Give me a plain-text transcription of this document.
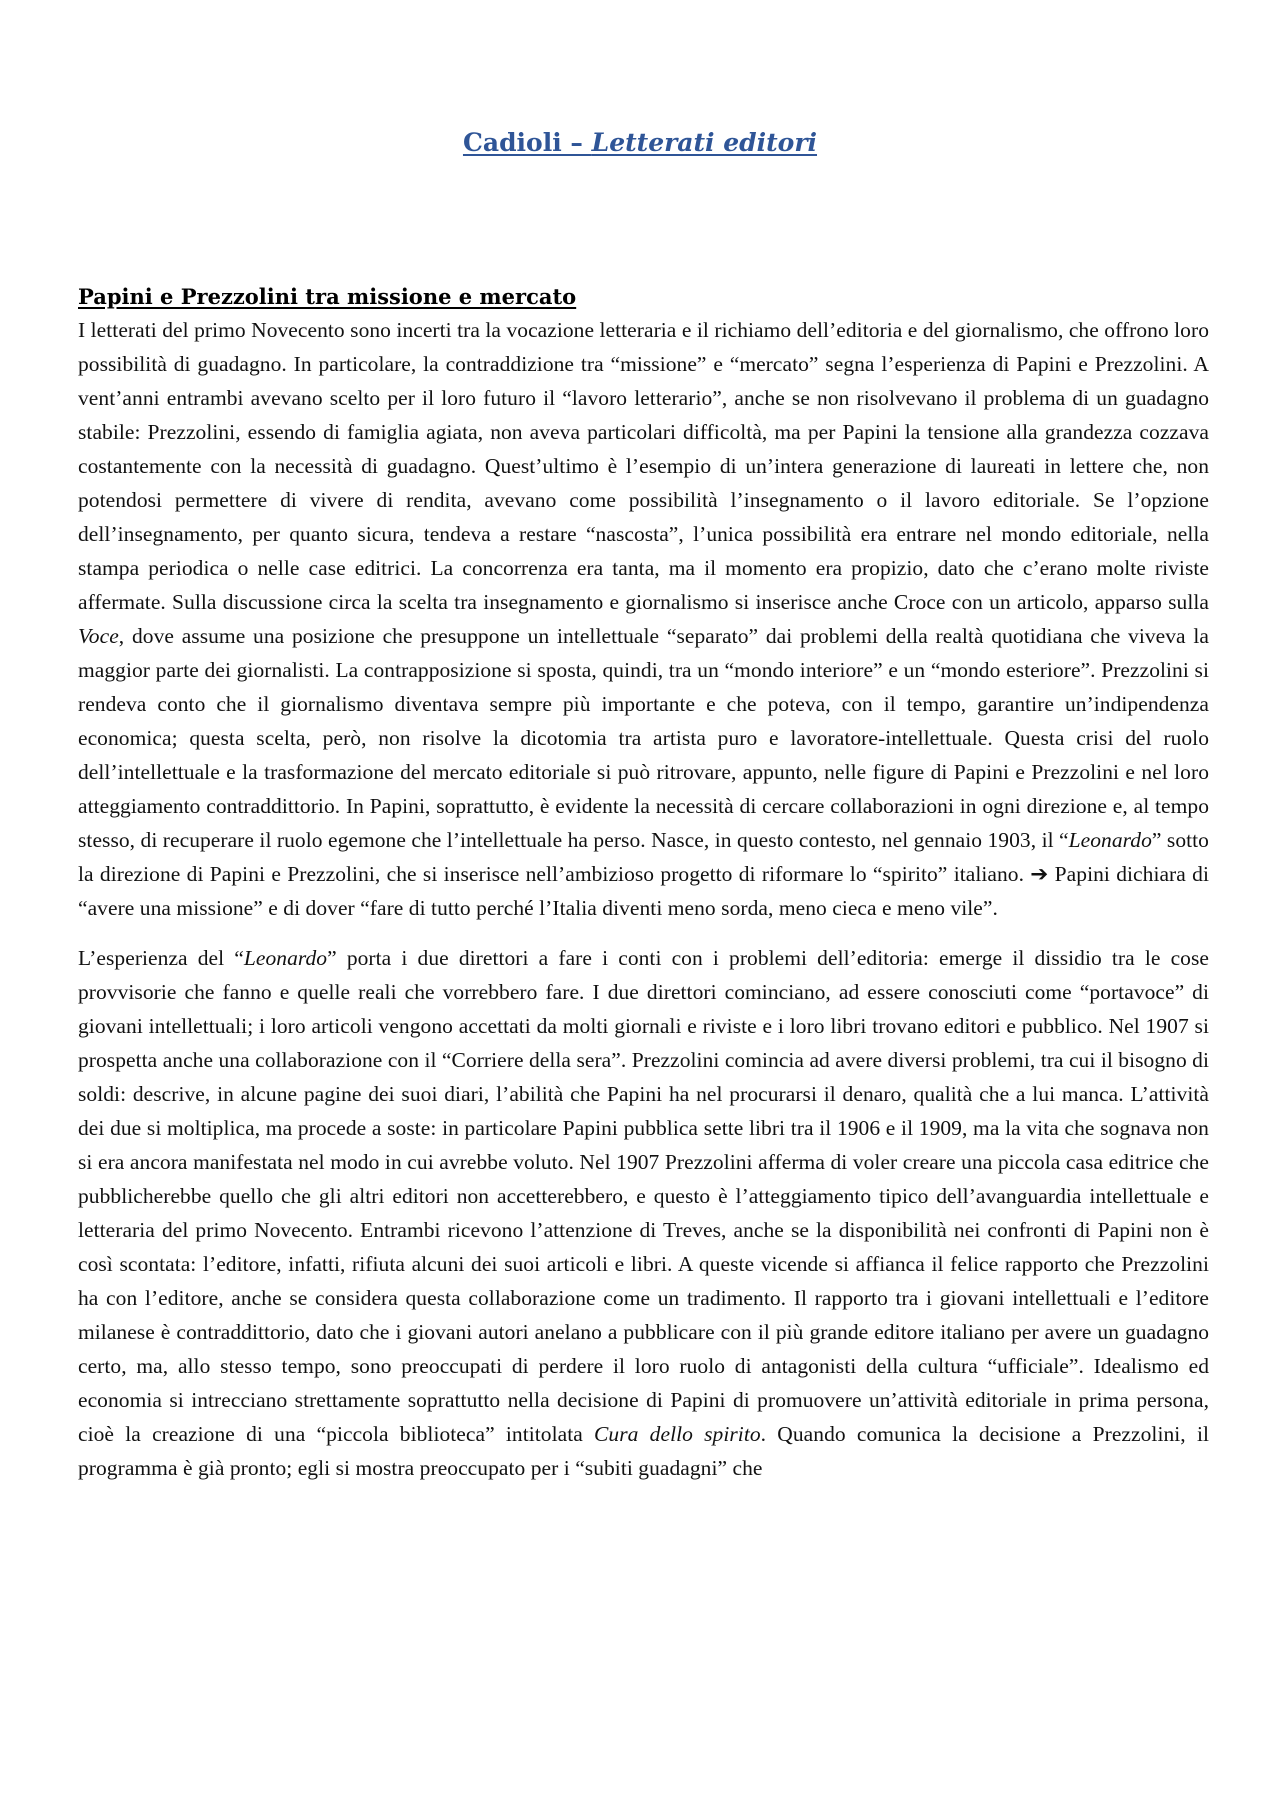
Cadioli – Letterati editori
Papini e Prezzolini tra missione e mercato

I letterati del primo Novecento sono incerti tra la vocazione letteraria e il richiamo dell’editoria e del giornalismo, che offrono loro possibilità di guadagno. In particolare, la contraddizione tra “missione” e “mercato” segna l’esperienza di Papini e Prezzolini. A vent’anni entrambi avevano scelto per il loro futuro il “lavoro letterario”, anche se non risolvevano il problema di un guadagno stabile: Prezzolini, essendo di famiglia agiata, non aveva particolari difficoltà, ma per Papini la tensione alla grandezza cozzava costantemente con la necessità di guadagno. Quest’ultimo è l’esempio di un’intera generazione di laureati in lettere che, non potendosi permettere di vivere di rendita, avevano come possibilità l’insegnamento o il lavoro editoriale. Se l’opzione dell’insegnamento, per quanto sicura, tendeva a restare “nascosta”, l’unica possibilità era entrare nel mondo editoriale, nella stampa periodica o nelle case editrici. La concorrenza era tanta, ma il momento era propizio, dato che c’erano molte riviste affermate. Sulla discussione circa la scelta tra insegnamento e giornalismo si inserisce anche Croce con un articolo, apparso sulla Voce, dove assume una posizione che presuppone un intellettuale “separato” dai problemi della realtà quotidiana che viveva la maggior parte dei giornalisti. La contrapposizione si sposta, quindi, tra un “mondo interiore” e un “mondo esteriore”. Prezzolini si rendeva conto che il giornalismo diventava sempre più importante e che poteva, con il tempo, garantire un’indipendenza economica; questa scelta, però, non risolve la dicotomia tra artista puro e lavoratore-intellettuale. Questa crisi del ruolo dell’intellettuale e la trasformazione del mercato editoriale si può ritrovare, appunto, nelle figure di Papini e Prezzolini e nel loro atteggiamento contraddittorio. In Papini, soprattutto, è evidente la necessità di cercare collaborazioni in ogni direzione e, al tempo stesso, di recuperare il ruolo egemone che l’intellettuale ha perso. Nasce, in questo contesto, nel gennaio 1903, il “Leonardo” sotto la direzione di Papini e Prezzolini, che si inserisce nell’ambizioso progetto di riformare lo “spirito” italiano. ➔ Papini dichiara di “avere una missione” e di dover “fare di tutto perché l’Italia diventi meno sorda, meno cieca e meno vile”.

L’esperienza del “Leonardo” porta i due direttori a fare i conti con i problemi dell’editoria: emerge il dissidio tra le cose provvisorie che fanno e quelle reali che vorrebbero fare. I due direttori cominciano, ad essere conosciuti come “portavoce” di giovani intellettuali; i loro articoli vengono accettati da molti giornali e riviste e i loro libri trovano editori e pubblico. Nel 1907 si prospetta anche una collaborazione con il “Corriere della sera”. Prezzolini comincia ad avere diversi problemi, tra cui il bisogno di soldi: descrive, in alcune pagine dei suoi diari, l’abilità che Papini ha nel procurarsi il denaro, qualità che a lui manca. L’attività dei due si moltiplica, ma procede a soste: in particolare Papini pubblica sette libri tra il 1906 e il 1909, ma la vita che sognava non si era ancora manifestata nel modo in cui avrebbe voluto. Nel 1907 Prezzolini afferma di voler creare una piccola casa editrice che pubblicherebbe quello che gli altri editori non accetterebbero, e questo è l’atteggiamento tipico dell’avanguardia intellettuale e letteraria del primo Novecento. Entrambi ricevono l’attenzione di Treves, anche se la disponibilità nei confronti di Papini non è così scontata: l’editore, infatti, rifiuta alcuni dei suoi articoli e libri. A queste vicende si affianca il felice rapporto che Prezzolini ha con l’editore, anche se considera questa collaborazione come un tradimento. Il rapporto tra i giovani intellettuali e l’editore milanese è contraddittorio, dato che i giovani autori anelano a pubblicare con il più grande editore italiano per avere un guadagno certo, ma, allo stesso tempo, sono preoccupati di perdere il loro ruolo di antagonisti della cultura “ufficiale”. Idealismo ed economia si intrecciano strettamente soprattutto nella decisione di Papini di promuovere un’attività editoriale in prima persona, cioè la creazione di una “piccola biblioteca” intitolata Cura dello spirito. Quando comunica la decisione a Prezzolini, il programma è già pronto; egli si mostra preoccupato per i “subiti guadagni” che
